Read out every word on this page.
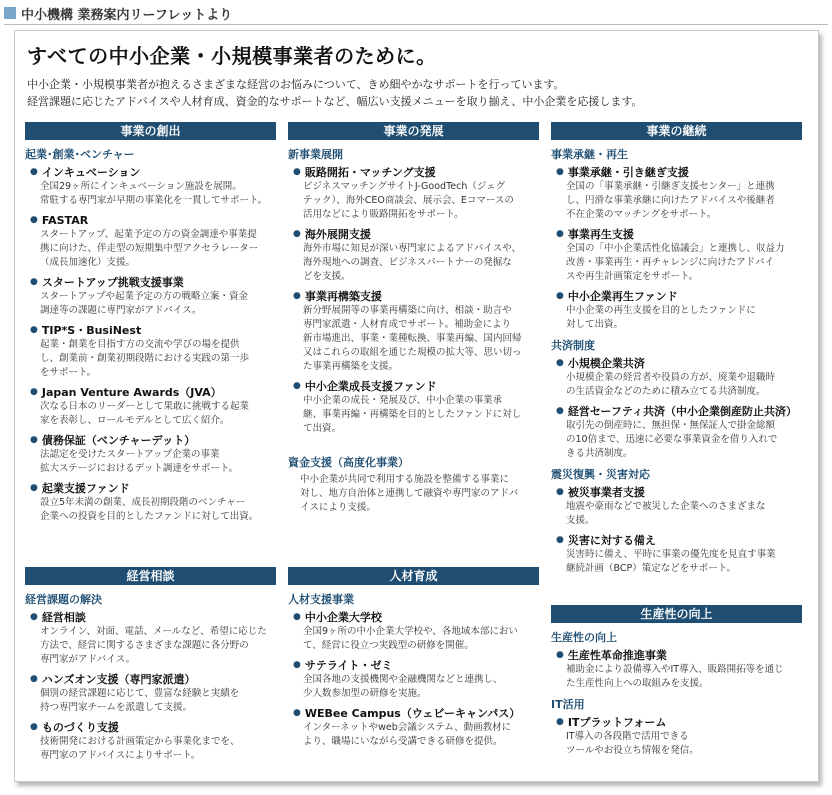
中小機構 業務案内リーフレットより
すべての中小企業・小規模事業者のために。
中小企業・小規模事業者が抱えるさまざまな経営のお悩みについて、きめ細やかなサポートを行っています。
経営課題に応じたアドバイスや人材育成、資金的なサポートなど、幅広い支援メニューを取り揃え、中小企業を応援します。
事業の創出
起業･創業･ベンチャー
● インキュベーション
全国29ヶ所にインキュベーション施設を展開。
常駐する専門家が早期の事業化を一貫してサポート。
● FASTAR
スタートアップ、起業予定の方の資金調達や事業提
携に向けた、伴走型の短期集中型アクセラレーター
（成長加速化）支援。
● スタートアップ挑戦支援事業
スタートアップや起業予定の方の戦略立案・資金
調達等の課題に専門家がアドバイス。
● TIP*S・BusiNest
起業・創業を目指す方の交流や学びの場を提供
し、創業前・創業初期段階における実践の第一歩
をサポート。
● Japan Venture Awards（JVA）
次なる日本のリーダーとして果敢に挑戦する起業
家を表彰し、ロールモデルとして広く紹介。
● 債務保証（ベンチャーデット）
法認定を受けたスタートアップ企業の事業
拡大ステージにおけるデット調達をサポート。
● 起業支援ファンド
設立5年未満の創業、成長初期段階のベンチャー
企業への投資を目的としたファンドに対して出資。
経営相談
経営課題の解決
● 経営相談
オンライン、対面、電話、メールなど、希望に応じた
方法で、経営に関するさまざまな課題に各分野の
専門家がアドバイス。
● ハンズオン支援（専門家派遣）
個別の経営課題に応じて、豊富な経験と実績を
持つ専門家チームを派遣して支援。
● ものづくり支援
技術開発における計画策定から事業化までを、
専門家のアドバイスによりサポート。
事業の発展
新事業展開
● 販路開拓・マッチング支援
ビジネスマッチングサイトJ-GoodTech（ジェグ
テック）、海外CEO商談会、展示会、Eコマースの
活用などにより販路開拓をサポート。
● 海外展開支援
海外市場に知見が深い専門家によるアドバイスや、
海外現地への調査、ビジネスパートナーの発掘な
どを支援。
● 事業再構築支援
新分野展開等の事業再構築に向け、相談・助言や
専門家派遣・人材育成でサポート。補助金により
新市場進出、事業・業種転換、事業再編、国内回帰
又はこれらの取組を通じた規模の拡大等、思い切っ
た事業再構築を支援。
● 中小企業成長支援ファンド
中小企業の成長・発展及び、中小企業の事業承
継、事業再編・再構築を目的としたファンドに対し
て出資。
資金支援（高度化事業）
中小企業が共同で利用する施設を整備する事業に
対し、地方自治体と連携して融資や専門家のアドバ
イスにより支援。
人材育成
人材支援事業
● 中小企業大学校
全国9ヶ所の中小企業大学校や、各地域本部におい
て、経営に役立つ実践型の研修を開催。
● サテライト・ゼミ
全国各地の支援機関や金融機関などと連携し、
少人数参加型の研修を実施。
● WEBee Campus（ウェビーキャンパス）
インターネットやweb会議システム、動画教材に
より、職場にいながら受講できる研修を提供。
事業の継続
事業承継・再生
● 事業承継・引き継ぎ支援
全国の「事業承継・引継ぎ支援センター」と連携
し、円滑な事業承継に向けたアドバイスや後継者
不在企業のマッチングをサポート。
● 事業再生支援
全国の「中小企業活性化協議会」と連携し、収益力
改善・事業再生・再チャレンジに向けたアドバイ
スや再生計画策定をサポート。
● 中小企業再生ファンド
中小企業の再生支援を目的としたファンドに
対して出資。
共済制度
● 小規模企業共済
小規模企業の経営者や役員の方が、廃業や退職時
の生活資金などのために積み立てる共済制度。
● 経営セーフティ共済（中小企業倒産防止共済）
取引先の倒産時に、無担保・無保証人で掛金総額
の10倍まで、迅速に必要な事業資金を借り入れで
きる共済制度。
震災復興・災害対応
● 被災事業者支援
地震や豪雨などで被災した企業へのさまざまな
支援。
● 災害に対する備え
災害時に備え、平時に事業の優先度を見直す事業
継続計画（BCP）策定などをサポート。
生産性の向上
生産性の向上
● 生産性革命推進事業
補助金により設備導入やIT導入、販路開拓等を通じ
た生産性向上への取組みを支援。
IT活用
● ITプラットフォーム
IT導入の各段階で活用できる
ツールやお役立ち情報を発信。
